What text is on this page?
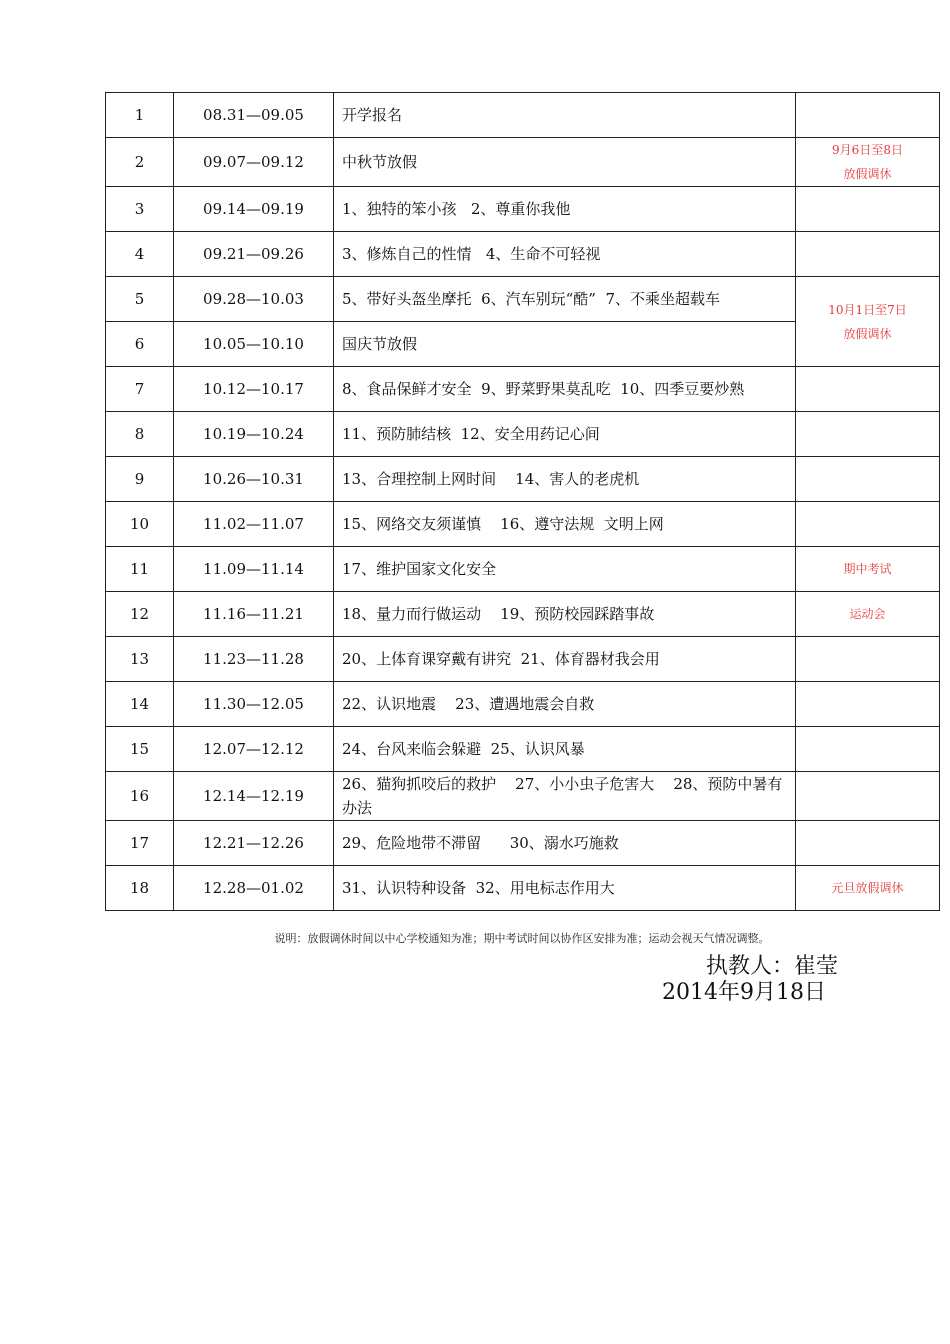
1	08.31—09.05	开学报名	
2	09.07—09.12	中秋节放假	9月6日至8日
放假调休

3	09.14—09.19	1、独特的笨小孩   2、尊重你我他	
4	09.21—09.26	3、修炼自己的性情   4、生命不可轻视	
5	09.28—10.03	5、带好头盔坐摩托  6、汽车别玩“酷”  7、不乘坐超载车	10月1日至7日
放假调休

6	10.05—10.10	国庆节放假	
7	10.12—10.17	8、食品保鲜才安全  9、野菜野果莫乱吃  10、四季豆要炒熟	
8	10.19—10.24	11、预防肺结核  12、安全用药记心间	
9	10.26—10.31	13、合理控制上网时间    14、害人的老虎机	
10	11.02—11.07	15、网络交友须谨慎    16、遵守法规  文明上网	
11	11.09—11.14	17、维护国家文化安全	期中考试
12	11.16—11.21	18、量力而行做运动    19、预防校园踩踏事故	运动会
13	11.23—11.28	20、上体育课穿戴有讲究  21、体育器材我会用	
14	11.30—12.05	22、认识地震    23、遭遇地震会自救	
15	12.07—12.12	24、台风来临会躲避  25、认识风暴	
16	12.14—12.19	26、猫狗抓咬后的救护    27、小小虫子危害大    28、预防中暑有办法	
17	12.21—12.26	29、危险地带不滞留      30、溺水巧施救	
18	12.28—01.02	31、认识特种设备  32、用电标志作用大	元旦放假调休
说明：放假调休时间以中心学校通知为准；期中考试时间以协作区安排为准；运动会视天气情况调整。
执教人：崔莹
2014年9月18日
